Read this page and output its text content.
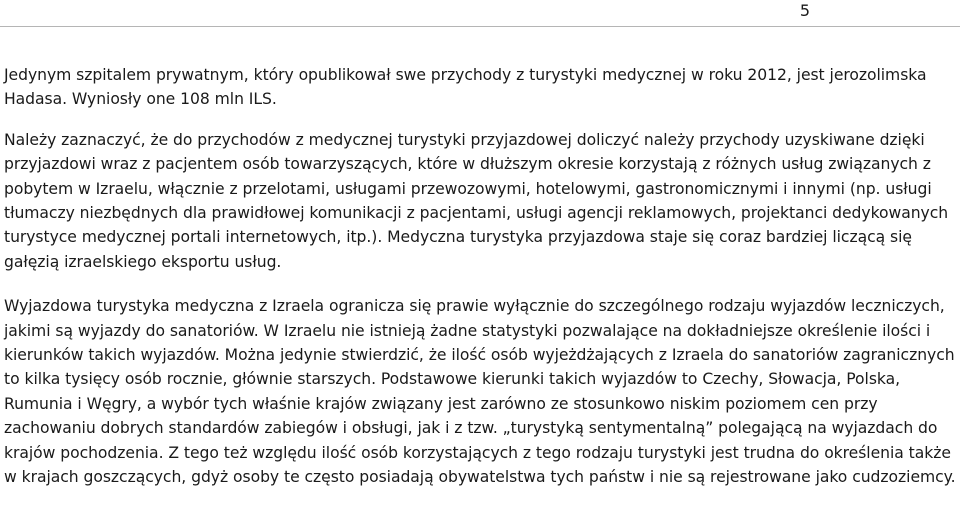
5

Jedynym szpitalem prywatnym, który opublikował swe przychody z turystyki medycznej w roku 2012, jest jerozolimska Hadasa. Wyniosły one 108 mln ILS.

Należy zaznaczyć, że do przychodów z medycznej turystyki przyjazdowej doliczyć należy przychody uzyskiwane dzięki przyjazdowi wraz z pacjentem osób towarzyszących, które w dłuższym okresie korzystają z różnych usług związanych z pobytem w Izraelu, włącznie z przelotami, usługami przewozowymi, hotelowymi, gastronomicznymi i innymi (np. usługi tłumaczy niezbędnych dla prawidłowej komunikacji z pacjentami, usługi agencji reklamowych, projektanci dedykowanych turystyce medycznej portali internetowych, itp.). Medyczna turystyka przyjazdowa staje się coraz bardziej liczącą się gałęzią izraelskiego eksportu usług.

Wyjazdowa turystyka medyczna z Izraela ogranicza się prawie wyłącznie do szczególnego rodzaju wyjazdów leczniczych, jakimi są wyjazdy do sanatoriów. W Izraelu nie istnieją żadne statystyki pozwalające na dokładniejsze określenie ilości i kierunków takich wyjazdów. Można jedynie stwierdzić, że ilość osób wyjeżdżających z Izraela do sanatoriów zagranicznych to kilka tysięcy osób rocznie, głównie starszych. Podstawowe kierunki takich wyjazdów to Czechy, Słowacja, Polska, Rumunia i Węgry, a wybór tych właśnie krajów związany jest zarówno ze stosunkowo niskim poziomem cen przy zachowaniu dobrych standardów zabiegów i obsługi, jak i z tzw. „turystyką sentymentalną” polegającą na wyjazdach do krajów pochodzenia. Z tego też względu ilość osób korzystających z tego rodzaju turystyki jest trudna do określenia także w krajach goszczących, gdyż osoby te często posiadają obywatelstwa tych państw i nie są rejestrowane jako cudzoziemcy.
